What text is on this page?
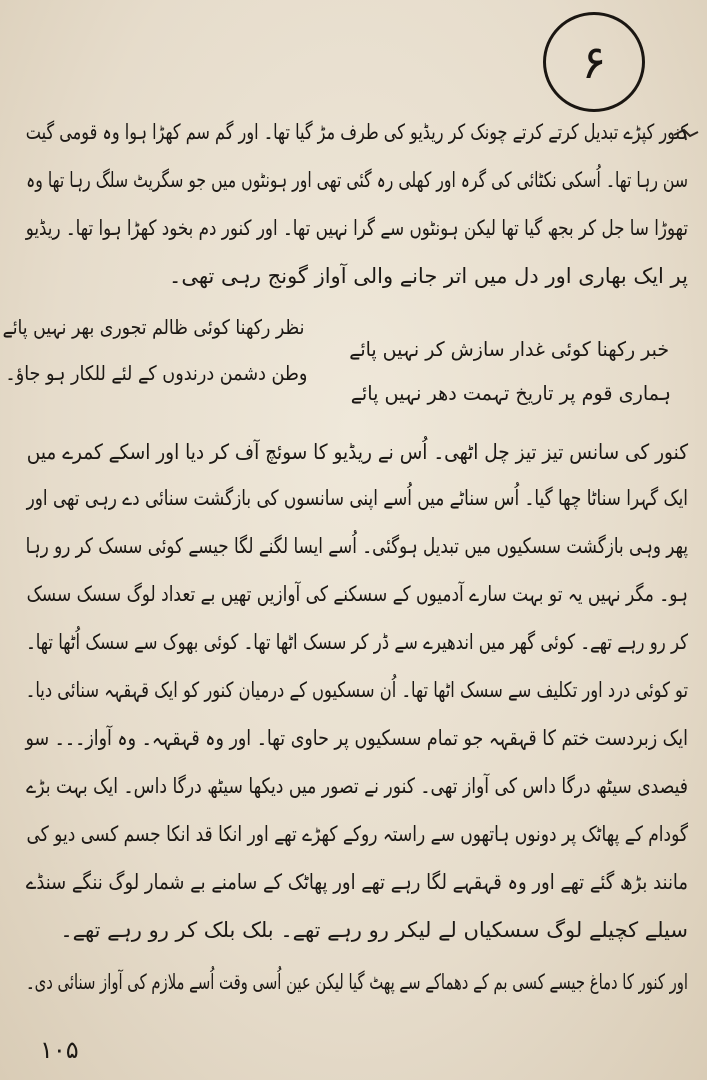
۶
کنور کپڑے تبدیل کرتے کرتے چونک کر ریڈیو کی طرف مڑ گیا تھا۔ اور گم سم کھڑا ہوا وہ قومی گیت
سن رہا تھا۔ اُسکی نکٹائی کی گرہ اور کھلی رہ گئی تھی اور ہونٹوں میں جو سگریٹ سلگ رہا تھا وہ
تھوڑا سا جل کر بجھ گیا تھا لیکن ہونٹوں سے گرا نہیں تھا۔ اور کنور دم بخود کھڑا ہوا تھا۔ ریڈیو
پر ایک بھاری اور دل میں اتر جانے والی آواز گونج رہی تھی۔
نظر رکھنا کوئی ظالم تجوری بھر نہیں پائے
خبر رکھنا کوئی غدار سازش کر نہیں پائے
وطن دشمن درندوں کے لئے للکار ہو جاؤ۔
ہماری قوم پر تاریخ تہمت دھر نہیں پائے
کنور کی سانس تیز تیز چل اٹھی۔ اُس نے ریڈیو کا سوئچ آف کر دیا اور اسکے کمرے میں
ایک گہرا سناٹا چھا گیا۔ اُس سناٹے میں اُسے اپنی سانسوں کی بازگشت سنائی دے رہی تھی اور
پھر وہی بازگشت سسکیوں میں تبدیل ہوگئی۔ اُسے ایسا لگنے لگا جیسے کوئی سسک کر رو رہا
ہو۔ مگر نہیں یہ تو بہت سارے آدمیوں کے سسکنے کی آوازیں تھیں بے تعداد لوگ سسک سسک
کر رو رہے تھے۔ کوئی گھر میں اندھیرے سے ڈر کر سسک اٹھا تھا۔ کوئی بھوک سے سسک اُٹھا تھا۔
تو کوئی درد اور تکلیف سے سسک اٹھا تھا۔ اُن سسکیوں کے درمیان کنور کو ایک قہقہہ سنائی دیا۔
ایک زبردست ختم کا قہقہہ جو تمام سسکیوں پر حاوی تھا۔ اور وہ قہقہہ۔ وہ آواز۔۔۔ سو
فیصدی سیٹھ درگا داس کی آواز تھی۔ کنور نے تصور میں دیکھا سیٹھ درگا داس۔ ایک بہت بڑے
گودام کے پھاٹک پر دونوں ہاتھوں سے راستہ روکے کھڑے تھے اور انکا قد انکا جسم کسی دیو کی
مانند بڑھ گئے تھے اور وہ قہقہے لگا رہے تھے اور پھاٹک کے سامنے بے شمار لوگ ننگے سنڈے
سیلے کچیلے لوگ سسکیاں لے لیکر رو رہے تھے۔ بلک بلک کر رو رہے تھے۔
اور کنور کا دماغ جیسے کسی بم کے دھماکے سے پھٹ گیا لیکن عین اُسی وقت اُسے ملازم کی آواز سنائی دی۔
۱۰۵
